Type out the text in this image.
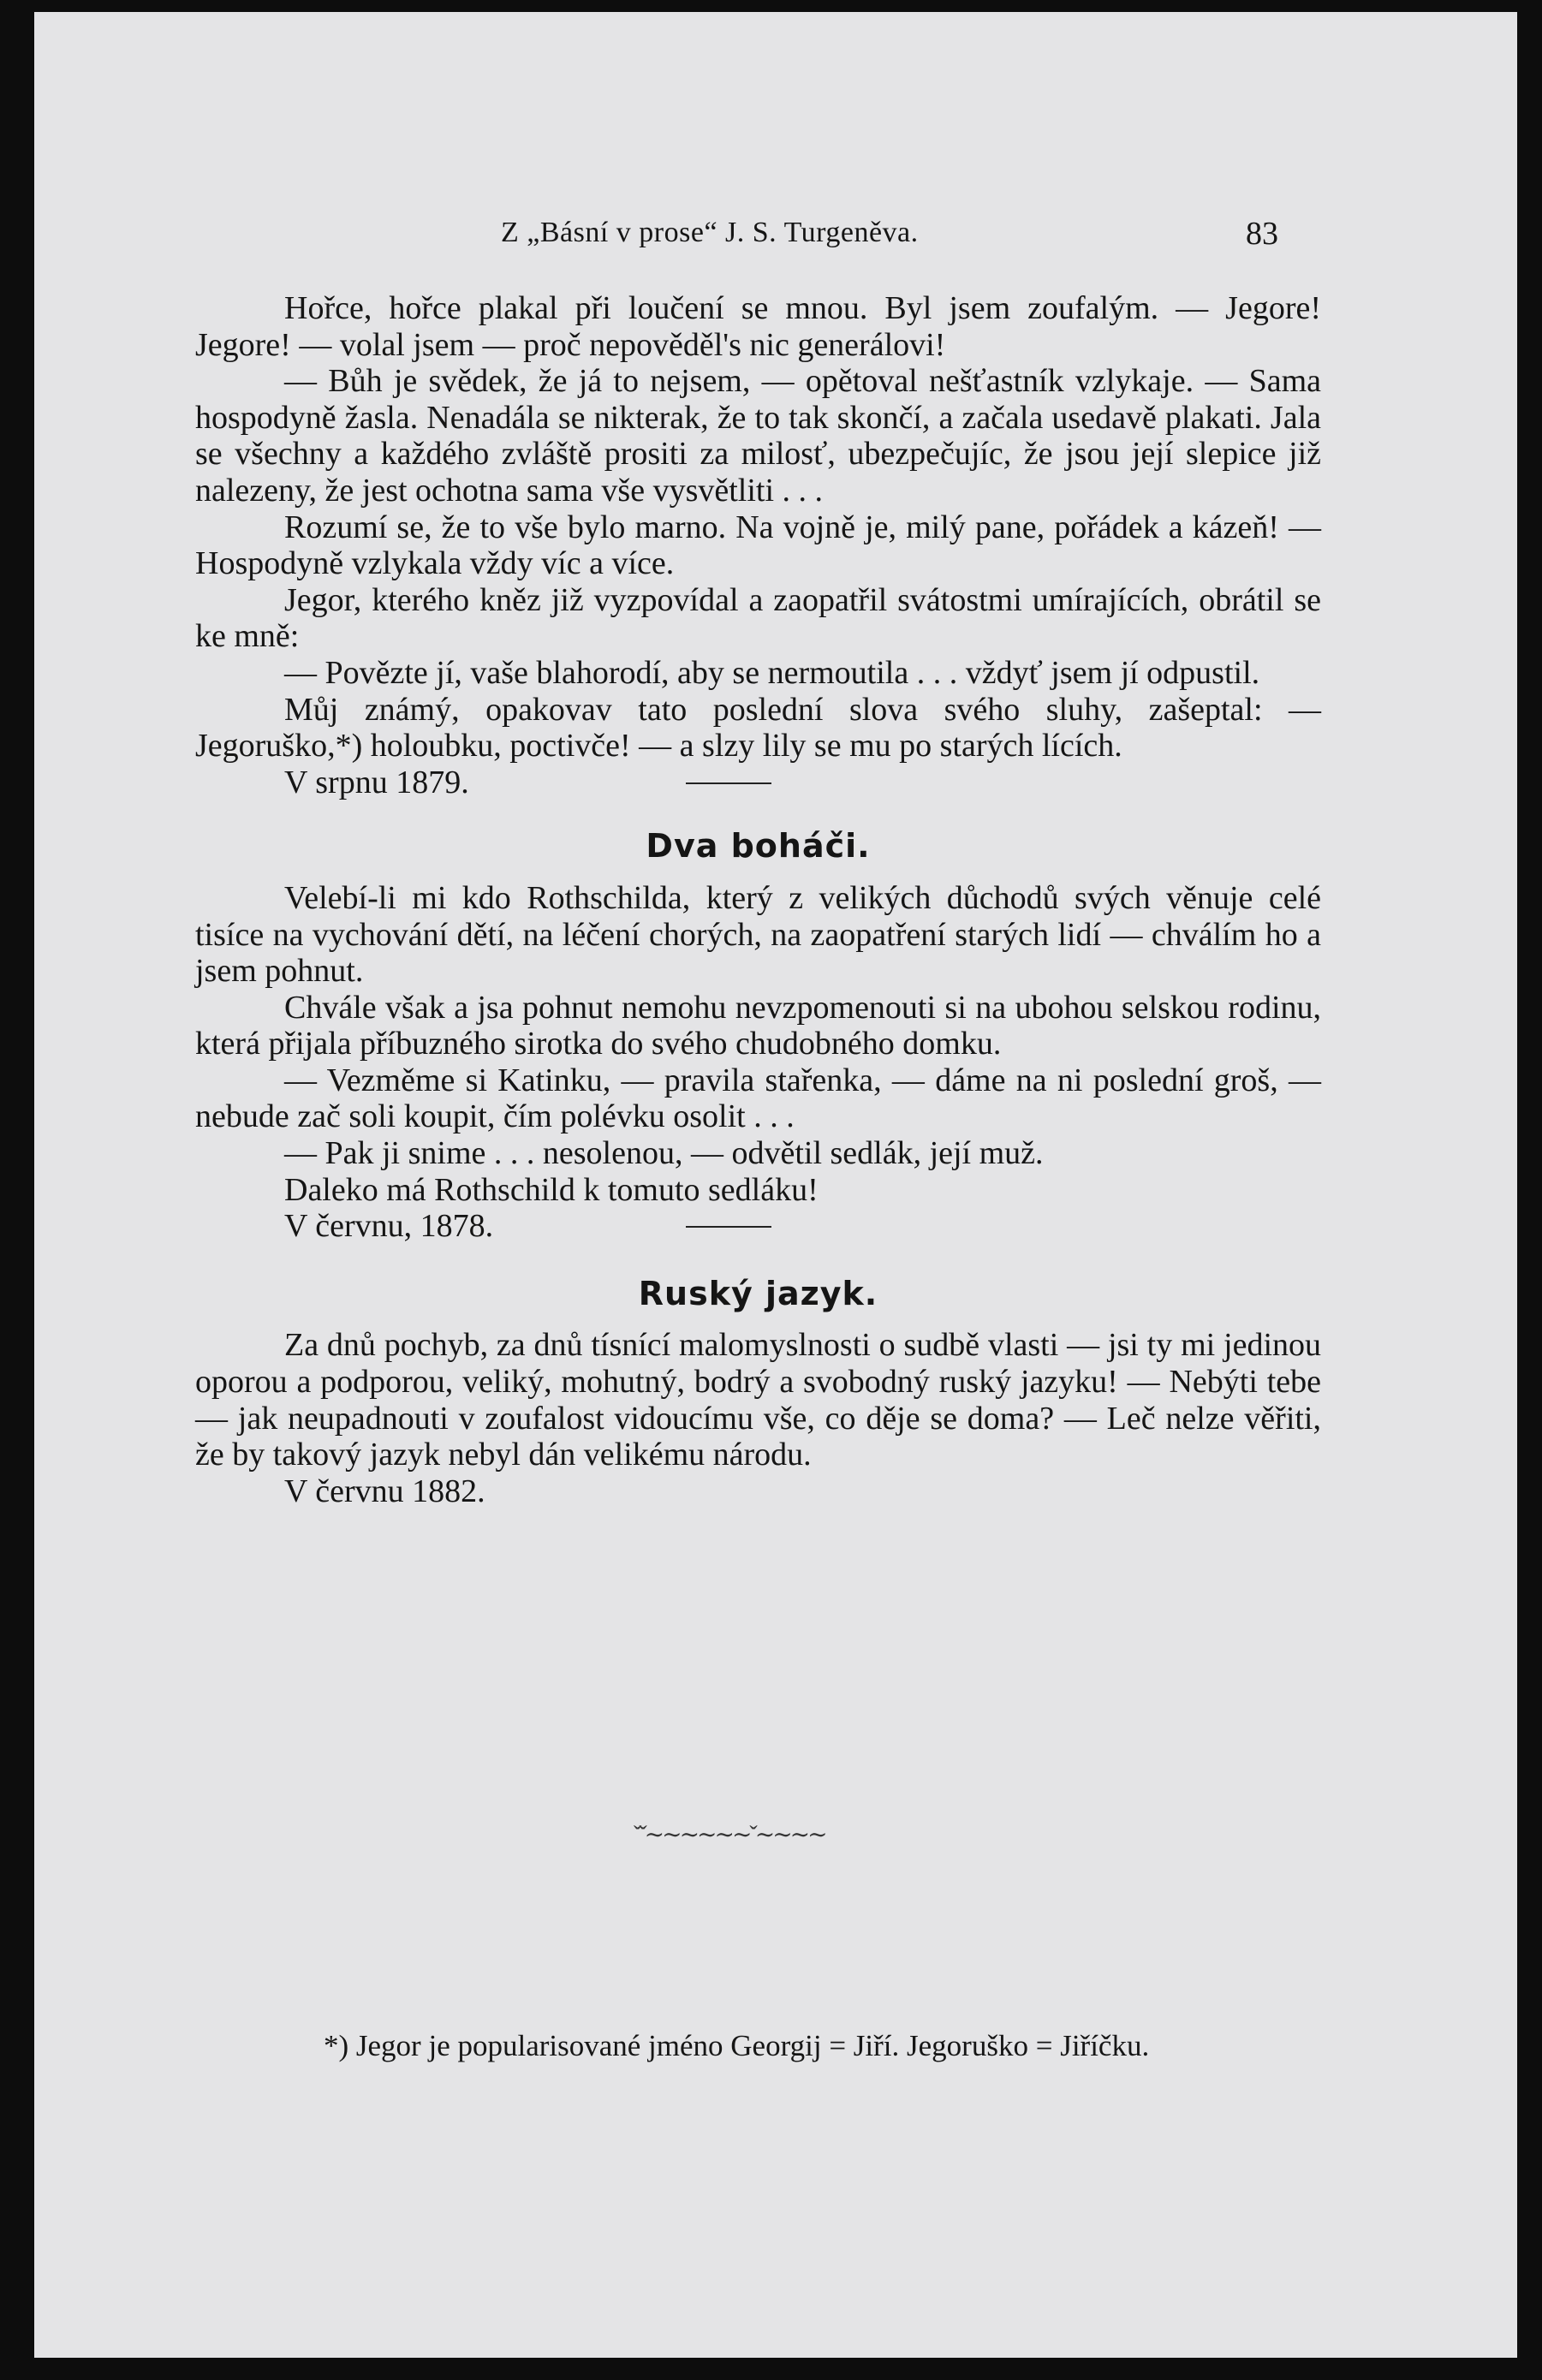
Z „Básní v prose“ J. S. Turgeněva.	83

Hořce, hořce plakal při loučení se mnou. Byl jsem zoufalým. — Jegore! Jegore! — volal jsem — proč nepověděl's nic generálovi!

— Bůh je svědek, že já to nejsem, — opětoval nešťastník vzlykaje. — Sama hospodyně žasla. Nenadála se nikterak, že to tak skončí, a začala usedavě plakati. Jala se všechny a každého zvláště prositi za milosť, ubezpečujíc, že jsou její slepice již nalezeny, že jest ochotna sama vše vysvětliti . . .

Rozumí se, že to vše bylo marno. Na vojně je, milý pane, pořádek a kázeň! — Hospodyně vzlykala vždy víc a více.

Jegor, kterého kněz již vyzpovídal a zaopatřil svátostmi umírajících, obrátil se ke mně:

— Povězte jí, vaše blahorodí, aby se nermoutila . . . vždyť jsem jí odpustil.

Můj známý, opakovav tato poslední slova svého sluhy, zašeptal: — Jegoruško,*) holoubku, poctivče! — a slzy lily se mu po starých lících.

V srpnu 1879.
Dva boháči.

Velebí-li mi kdo Rothschilda, který z velikých důchodů svých věnuje celé tisíce na vychování dětí, na léčení chorých, na zaopatření starých lidí — chválím ho a jsem pohnut.

Chvále však a jsa pohnut nemohu nevzpomenouti si na ubohou selskou rodinu, která přijala příbuzného sirotka do svého chudobného domku.

— Vezměme si Katinku, — pravila stařenka, — dáme na ni poslední groš, — nebude zač soli koupit, čím polévku osolit . . .

— Pak ji snime . . . nesolenou, — odvětil sedlák, její muž.

Daleko má Rothschild k tomuto sedláku!

V červnu, 1878.
Ruský jazyk.

Za dnů pochyb, za dnů tísnící malomyslnosti o sudbě vlasti — jsi ty mi jedinou oporou a podporou, veliký, mohutný, bodrý a svobodný ruský jazyku! — Nebýti tebe — jak neupadnouti v zoufalost vidoucímu vše, co děje se doma? — Leč nelze věřiti, že by takový jazyk nebyl dán velikému národu.

V červnu 1882.
ˇˇ∼∼∼∼∼∼ˇ∼∼∼∼
*) Jegor je popularisované jméno Georgij = Jiří. Jegoruško = Jiříčku.
